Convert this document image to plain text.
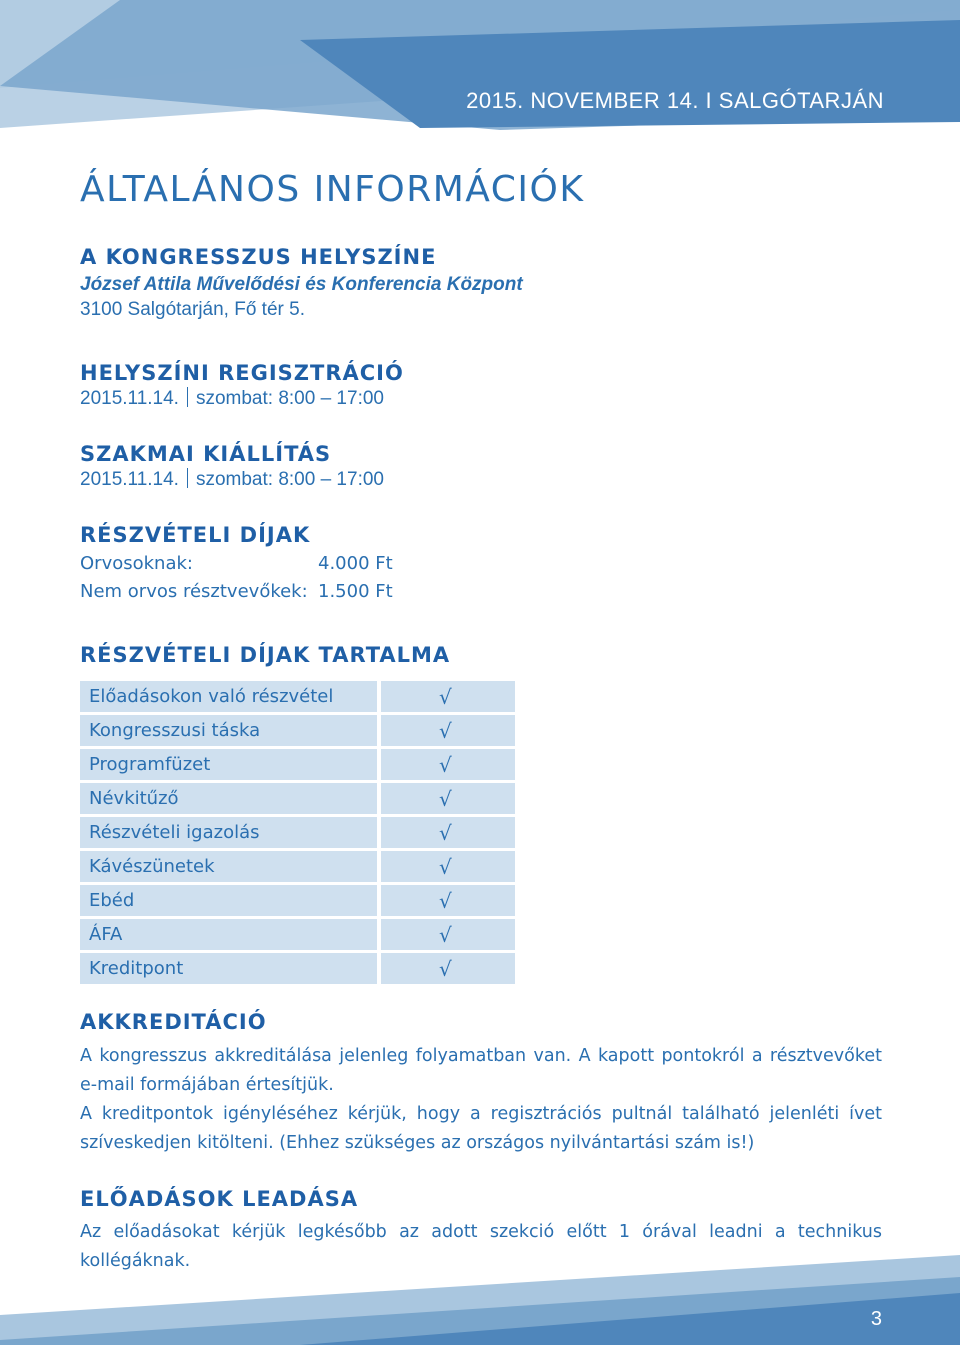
2015. NOVEMBER 14. I SALGÓTARJÁN
ÁLTALÁNOS INFORMÁCIÓK
A KONGRESSZUS HELYSZÍNE

József Attila Művelődési és Konferencia Központ

3100 Salgótarján, Fő tér 5.

HELYSZÍNI REGISZTRÁCIÓ

2015.11.14. szombat: 8:00 – 17:00

SZAKMAI KIÁLLÍTÁS

2015.11.14. szombat: 8:00 – 17:00

RÉSZVÉTELI DÍJAK
Orvosoknak:	4.000 Ft
Nem orvos résztvevőkek: 1.500 Ft
RÉSZVÉTELI DÍJAK TARTALMA
Előadásokon való részvétel		√
Kongresszusi táska		√
Programfüzet		√
Névkitűző		√
Részvételi igazolás		√
Kávészünetek		√
Ebéd		√
ÁFA		√
Kreditpont		√
AKKREDITÁCIÓ

A kongresszus akkreditálása jelenleg folyamatban van. A kapott pontokról a résztvevőket e-mail formájában értesítjük.

A kreditpontok igényléséhez kérjük, hogy a regisztrációs pultnál található jelenléti ívet szíveskedjen kitölteni. (Ehhez szükséges az országos nyilvántartási szám is!)

ELŐADÁSOK LEADÁSA

Az előadásokat kérjük legkésőbb az adott szekció előtt 1 órával leadni a technikus kollégáknak.

3
